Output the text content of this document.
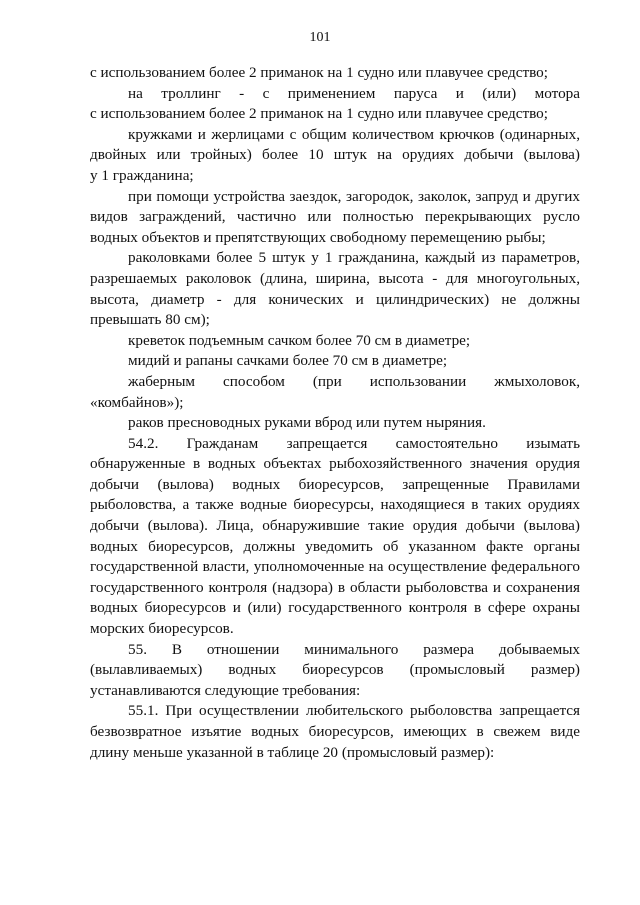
101
с использованием более 2 приманок на 1 судно или плавучее средство;
на троллинг - с применением паруса и (или) мотора
с использованием более 2 приманок на 1 судно или плавучее средство;
кружками и жерлицами с общим количеством крючков (одинарных,
двойных или тройных) более 10 штук на орудиях добычи (вылова)
у 1 гражданина;
при помощи устройства заездок, загородок, заколок, запруд и других
видов заграждений, частично или полностью перекрывающих русло
водных объектов и препятствующих свободному перемещению рыбы;
раколовками более 5 штук у 1 гражданина, каждый из параметров,
разрешаемых раколовок (длина, ширина, высота - для многоугольных,
высота, диаметр - для конических и цилиндрических) не должны
превышать 80 см);
креветок подъемным сачком более 70 см в диаметре;
мидий и рапаны сачками более 70 см в диаметре;
жаберным способом (при использовании жмыхоловок,
«комбайнов»);
раков пресноводных руками вброд или путем ныряния.
54.2. Гражданам запрещается самостоятельно изымать
обнаруженные в водных объектах рыбохозяйственного значения орудия
добычи (вылова) водных биоресурсов, запрещенные Правилами
рыболовства, а также водные биоресурсы, находящиеся в таких орудиях
добычи (вылова). Лица, обнаружившие такие орудия добычи (вылова)
водных биоресурсов, должны уведомить об указанном факте органы
государственной власти, уполномоченные на осуществление федерального
государственного контроля (надзора) в области рыболовства и сохранения
водных биоресурсов и (или) государственного контроля в сфере охраны
морских биоресурсов.
55. В отношении минимального размера добываемых
(вылавливаемых) водных биоресурсов (промысловый размер)
устанавливаются следующие требования:
55.1. При осуществлении любительского рыболовства запрещается
безвозвратное изъятие водных биоресурсов, имеющих в свежем виде
длину меньше указанной в таблице 20 (промысловый размер):
